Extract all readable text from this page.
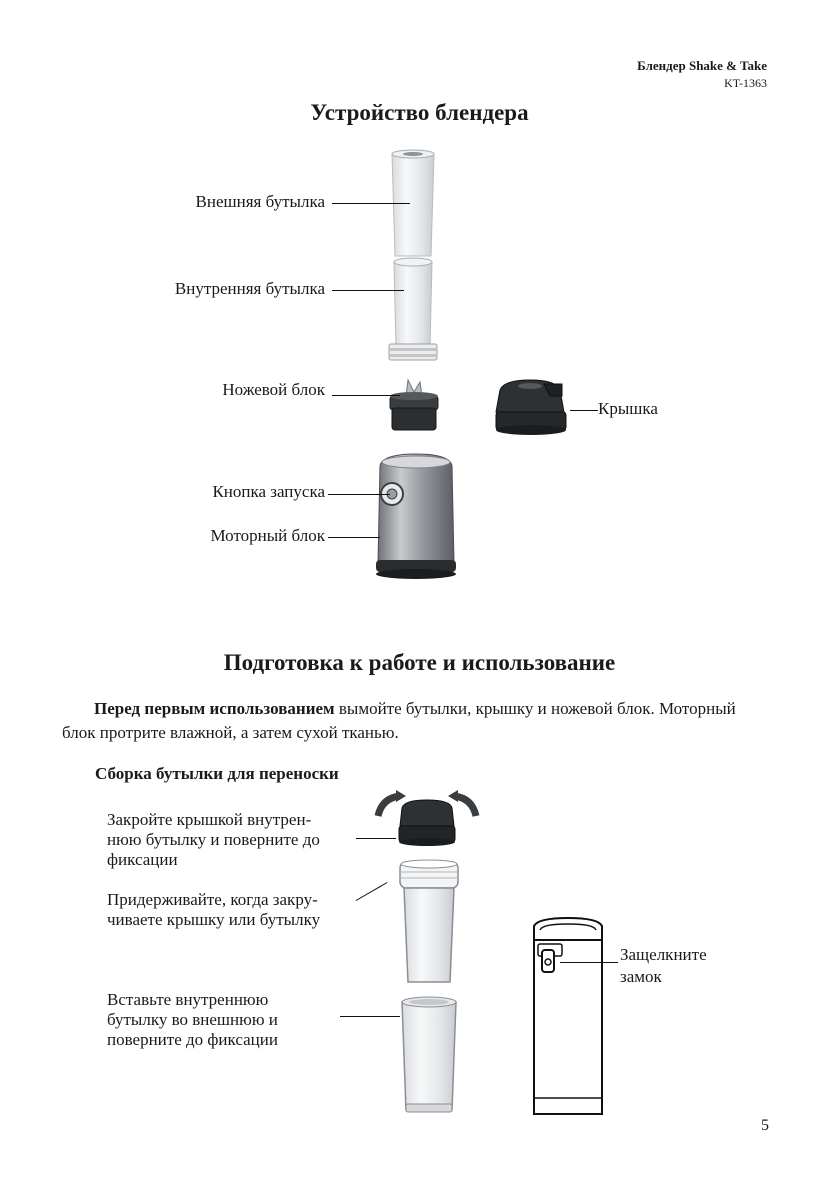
Блендер Shake & Take
KT-1363
Устройство блендера
Внешняя бутылка
Внутренняя бутылка
Ножевой блок
Крышка
Кнопка запуска
Моторный блок
Подготовка к работе и использование
Перед первым использованием вымойте бутылки, крышку и ножевой блок. Моторный блок протрите влажной, а затем сухой тканью.
Сборка бутылки для переноски
Закройте крышкой внутрен-
нюю бутылку и поверните до
фиксации
Придерживайте, когда закру-
чиваете крышку или бутылку
Вставьте внутреннюю
бутылку во внешнюю и
поверните до фиксации
Защелкните
замок
5
